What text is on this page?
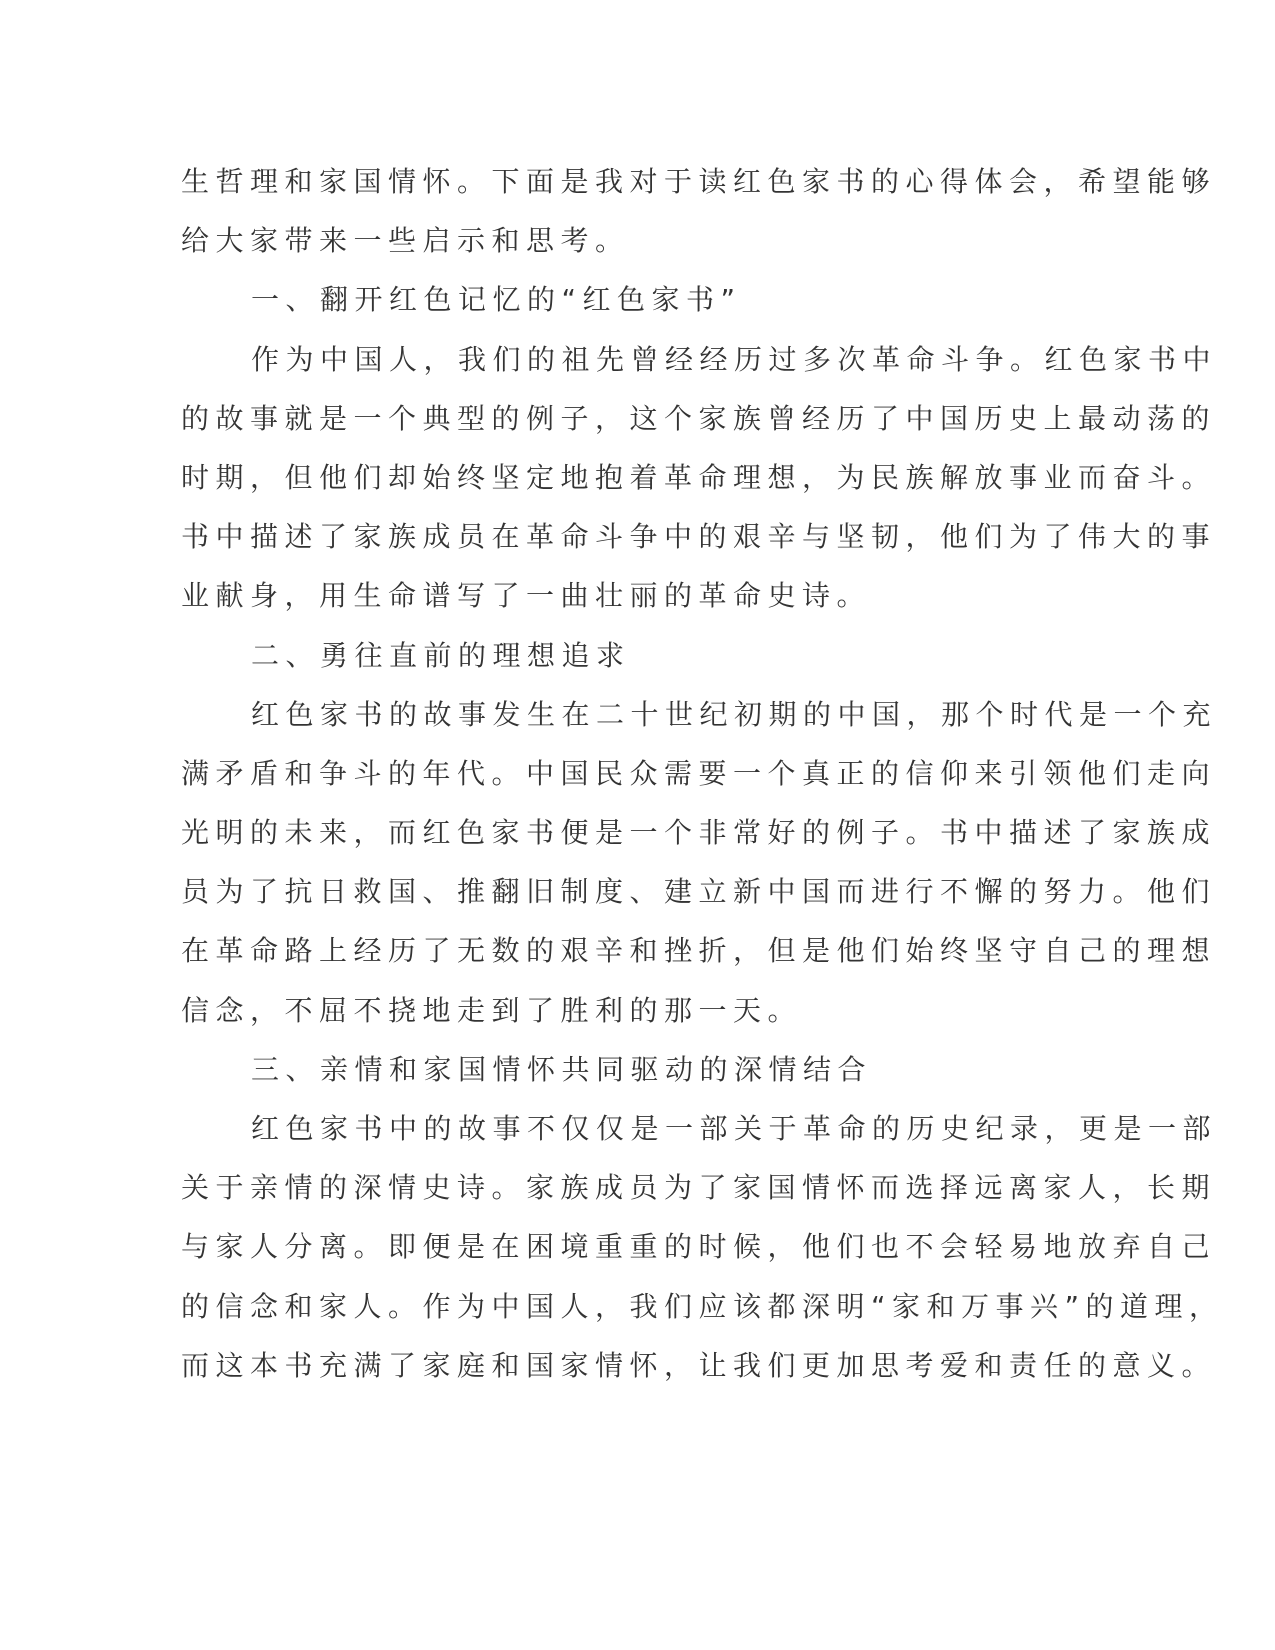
生哲理和家国情怀。下面是我对于读红色家书的心得体会，希望能够
给大家带来一些启示和思考。
一、翻开红色记忆的“红色家书”
作为中国人，我们的祖先曾经经历过多次革命斗争。红色家书中
的故事就是一个典型的例子，这个家族曾经历了中国历史上最动荡的
时期，但他们却始终坚定地抱着革命理想，为民族解放事业而奋斗。
书中描述了家族成员在革命斗争中的艰辛与坚韧，他们为了伟大的事
业献身，用生命谱写了一曲壮丽的革命史诗。
二、勇往直前的理想追求
红色家书的故事发生在二十世纪初期的中国，那个时代是一个充
满矛盾和争斗的年代。中国民众需要一个真正的信仰来引领他们走向
光明的未来，而红色家书便是一个非常好的例子。书中描述了家族成
员为了抗日救国、推翻旧制度、建立新中国而进行不懈的努力。他们
在革命路上经历了无数的艰辛和挫折，但是他们始终坚守自己的理想
信念，不屈不挠地走到了胜利的那一天。
三、亲情和家国情怀共同驱动的深情结合
红色家书中的故事不仅仅是一部关于革命的历史纪录，更是一部
关于亲情的深情史诗。家族成员为了家国情怀而选择远离家人，长期
与家人分离。即便是在困境重重的时候，他们也不会轻易地放弃自己
的信念和家人。作为中国人，我们应该都深明“家和万事兴”的道理，
而这本书充满了家庭和国家情怀，让我们更加思考爱和责任的意义。
